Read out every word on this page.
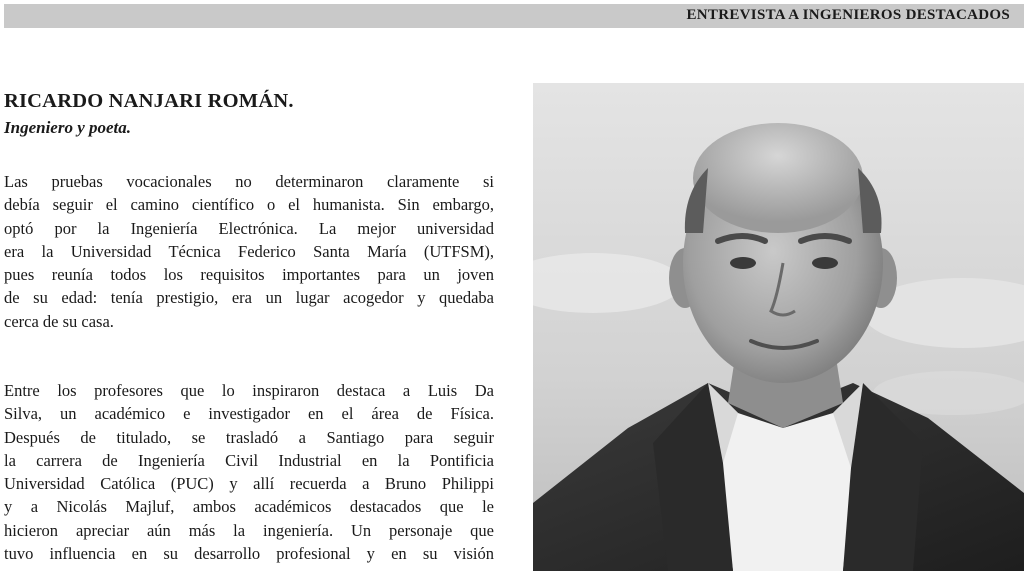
ENTREVISTA A INGENIEROS DESTACADOS
RICARDO NANJARI ROMÁN.
Ingeniero y poeta.
Las pruebas vocacionales no determinaron claramente si
debía seguir el camino científico o el humanista. Sin embargo,
optó por la Ingeniería Electrónica. La mejor universidad
era la Universidad Técnica Federico Santa María (UTFSM),
pues reunía todos los requisitos importantes para un joven
de su edad: tenía prestigio, era un lugar acogedor y quedaba
cerca de su casa.
Entre los profesores que lo inspiraron destaca a Luis Da
Silva, un académico e investigador en el área de Física.
Después de titulado, se trasladó a Santiago para seguir
la carrera de Ingeniería Civil Industrial en la Pontificia
Universidad Católica (PUC) y allí recuerda a Bruno Philippi
y a Nicolás Majluf, ambos académicos destacados que le
hicieron apreciar aún más la ingeniería. Un personaje que
tuvo influencia en su desarrollo profesional y en su visión
